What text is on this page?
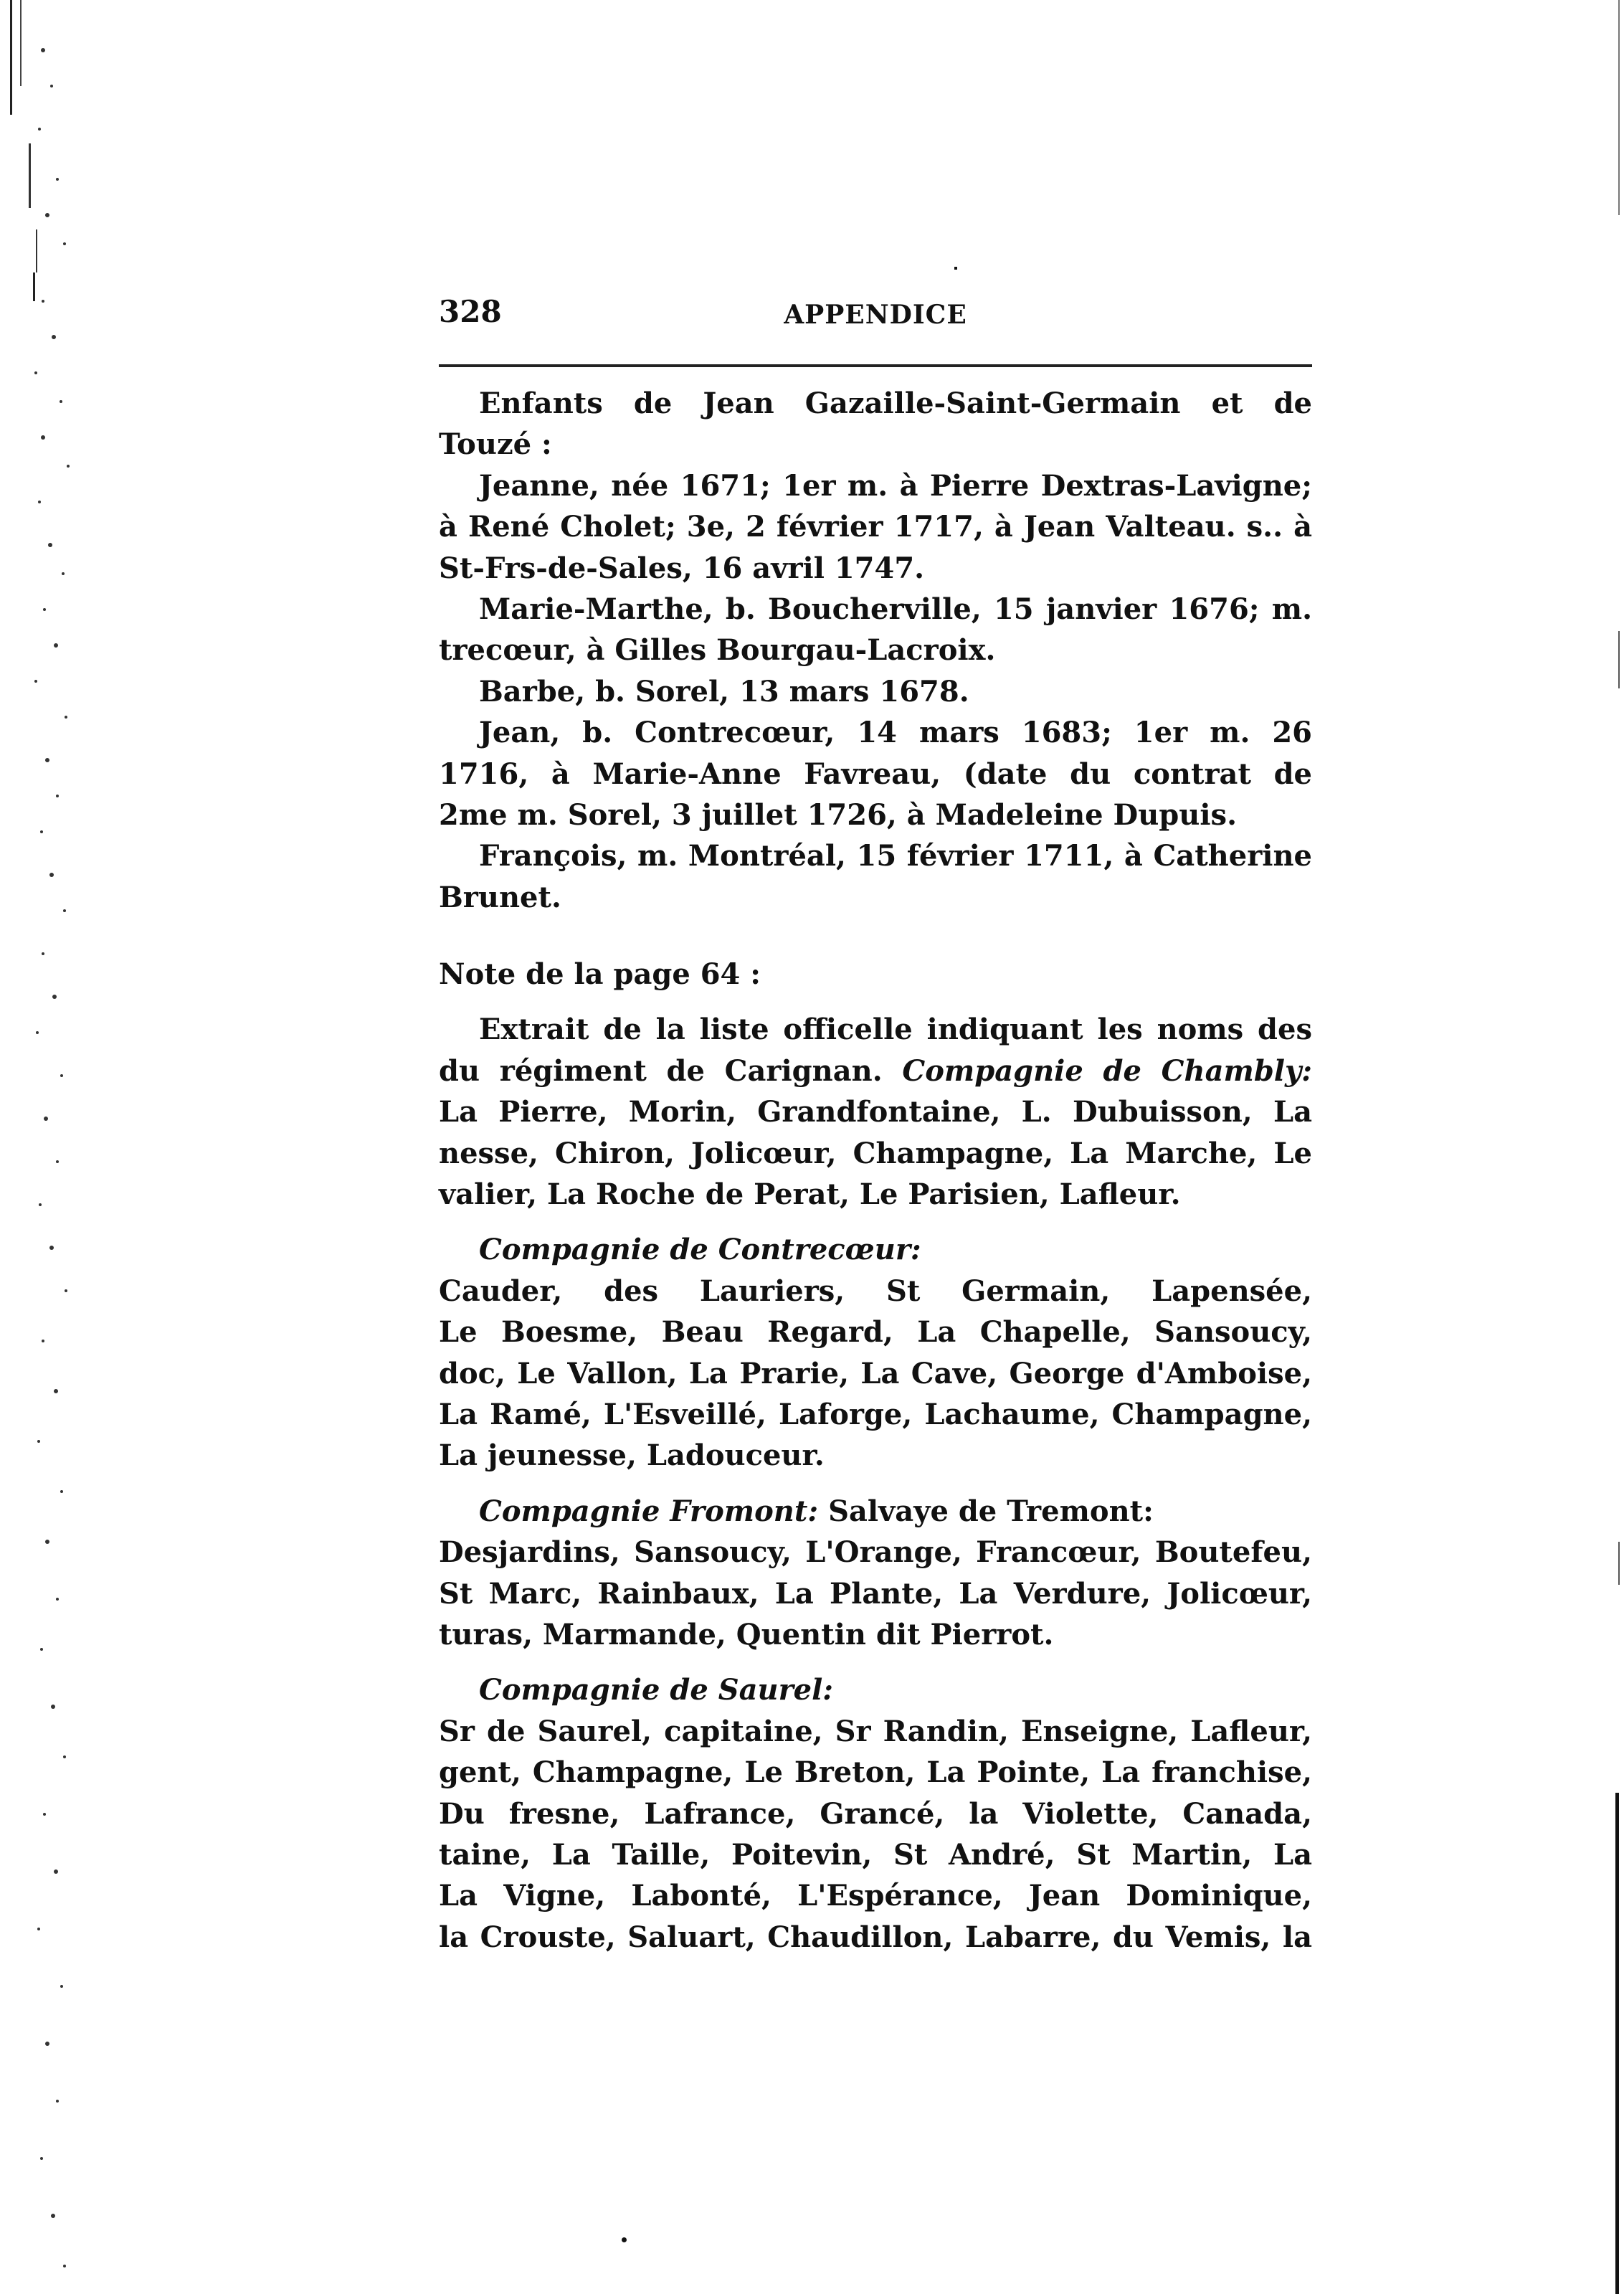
328	APPENDICE
Enfants de Jean Gazaille-Saint-Germain et de
Touzé :
Jeanne, née 1671; 1er m. à Pierre Dextras-Lavigne;
à René Cholet; 3e, 2 février 1717, à Jean Valteau. s.. à
St-Frs-de-Sales, 16 avril 1747.
Marie-Marthe, b. Boucherville, 15 janvier 1676; m.
trecœur, à Gilles Bourgau-Lacroix.
Barbe, b. Sorel, 13 mars 1678.
Jean, b. Contrecœur, 14 mars 1683; 1er m. 26
1716, à Marie-Anne Favreau, (date du contrat de
2me m. Sorel, 3 juillet 1726, à Madeleine Dupuis.
François, m. Montréal, 15 février 1711, à Catherine
Brunet.
Note de la page 64 :
Extrait de la liste officelle indiquant les noms des
du régiment de Carignan. Compagnie de Chambly:
La Pierre, Morin, Grandfontaine, L. Dubuisson, La
nesse, Chiron, Jolicœur, Champagne, La Marche, Le
valier, La Roche de Perat, Le Parisien, Lafleur.
Compagnie de Contrecœur:
Cauder, des Lauriers, St Germain, Lapensée,
Le Boesme, Beau Regard, La Chapelle, Sansoucy,
doc, Le Vallon, La Prarie, La Cave, George d'Amboise,
La Ramé, L'Esveillé, Laforge, Lachaume, Champagne,
La jeunesse, Ladouceur.
Compagnie Fromont: Salvaye de Tremont:
Desjardins, Sansoucy, L'Orange, Francœur, Boutefeu,
St Marc, Rainbaux, La Plante, La Verdure, Jolicœur,
turas, Marmande, Quentin dit Pierrot.
Compagnie de Saurel:
Sr de Saurel, capitaine, Sr Randin, Enseigne, Lafleur,
gent, Champagne, Le Breton, La Pointe, La franchise,
Du fresne, Lafrance, Grancé, la Violette, Canada,
taine, La Taille, Poitevin, St André, St Martin, La
La Vigne, Labonté, L'Espérance, Jean Dominique,
la Crouste, Saluart, Chaudillon, Labarre, du Vemis, la
